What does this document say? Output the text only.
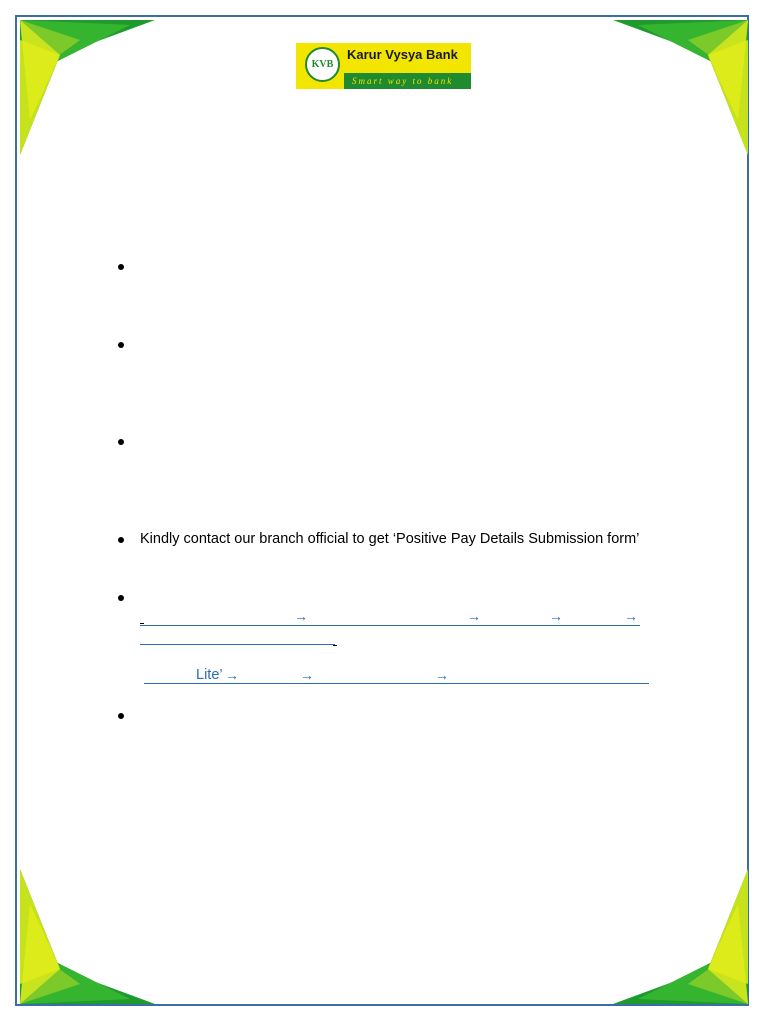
KVB
Karur Vysya Bank
Smart way to bank
Kindly contact our branch official to get ‘Positive Pay Details Submission form’
→	→	→	→
Lite’ →	→	→
